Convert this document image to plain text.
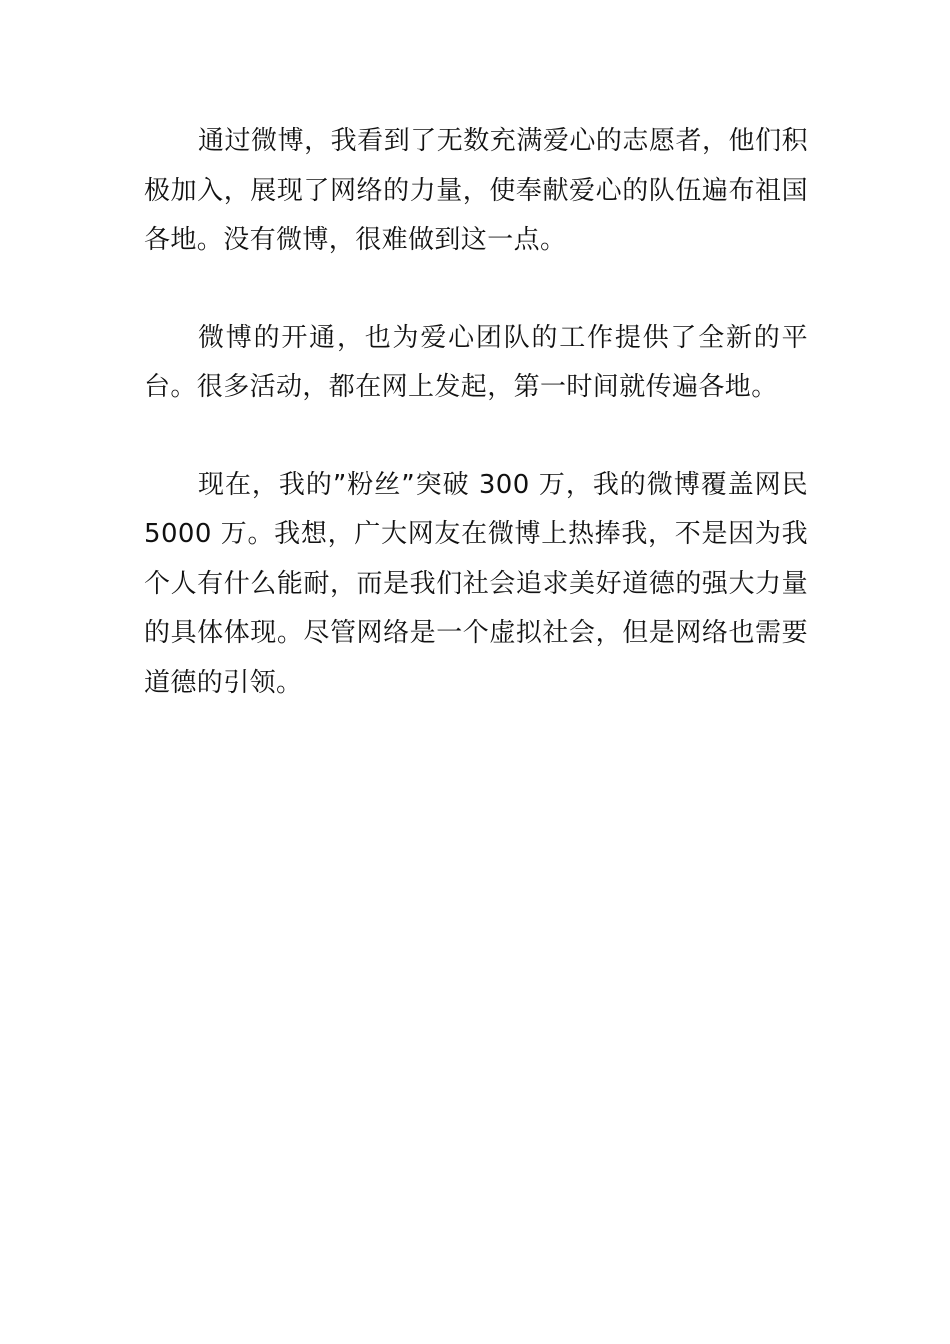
通过微博，我看到了无数充满爱心的志愿者，他们积极加入，展现了网络的力量，使奉献爱心的队伍遍布祖国各地。没有微博，很难做到这一点。

微博的开通，也为爱心团队的工作提供了全新的平台。很多活动，都在网上发起，第一时间就传遍各地。

现在，我的”粉丝”突破 300 万，我的微博覆盖网民5000 万。我想，广大网友在微博上热捧我，不是因为我个人有什么能耐，而是我们社会追求美好道德的强大力量的具体体现。尽管网络是一个虚拟社会，但是网络也需要道德的引领。
